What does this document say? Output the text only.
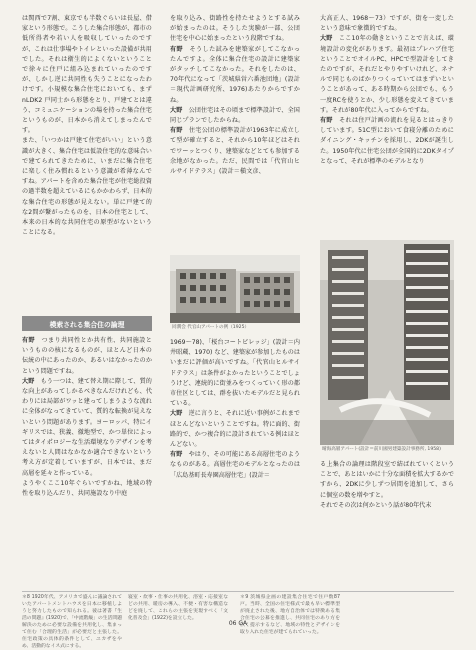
は関西で7割、東京でも半数ぐらいは長屋、借家という形態で。こうした集合形態が、都市の低所得者や若い人を吸収していったのですが、これは仕事場やトイレといった設備が共用でした。それは衛生的によくないということで徐々に住戸に組み込まれていったのですが、しかし逆に共同性も失うことになったわけです。小規模な集合住宅においても、まずnLDK2 戸同士から形態をとり、戸建てとは違う、コミュニケーションの場を持った集合住宅というものが、日本から消えてしまったんです。

また、「いつかは戸建て住宅がいい」という意識が大きく、集合住宅は仮設住宅的な意味合いで建てられてきたために、いまだに集合住宅に楽しく住み慣れるという意識が希薄なんですね。アパートを含めた集合住宅が住宅総投資の過半数を超えているにもかかわらず、日本的な集合住宅の形態が見えない。単に戸建て的な2間が繋がったものを、日本の住宅として、本来の日本的な共同住宅の原型がないということになる。

模索される集合住の論理

有野　 つまり共同性とか共有性、共同施設というものの核になるものが、ほとんど日本の伝統の中にあったのか、あるいはなかったのかという問題ですね。

大野　 もう一つは、建て替え期に際して、質的な向上があってしかるべきなんだけれども、代わりには局部がワッと建ってしまうような流れに全体がなってきていて、質的な転換が見えないという問題があります。ヨーロッパ、特にイギリスでは、狭義、徹地型で、かつ単位によってはタイポロジーな生活環境なりデザインを考えないと人間はなかなか適合できないという考え方が定着していますが、日本では、まだ高層を延々と作っている。

ようやくここ10年ぐらいですかね、地域の特性を取り込んだり、共同施設なり中庭

を取り込み、街路性を持たせようとする試みが始まったのは。そうした実験が一部、公団住宅を中心に始まったという段階ですね。

有野　 そうした試みを建築家がしてこなかったんですよ。全体に集合住宅の設計に建築家がタッチしてこなかった。それをしたのは、70年代になって「茨城県営六番池団地」(設計＝現代計画研究所、1976)あたりからですかね。

大野　 公団住宅はその頃まで標準設計で、全国同じプランでしたからね。

有野　 住宅公団の標準設計が1963年に成立して型が確立すると、それから10年ほどはそれでワーッとつくり、建築家などとても参加する余地がなかった。ただ、民間では「代官山ヒルサイドテラス」(設計＝槇文彦、

同潤会 代官山アパートの例（1925）

1969〜78)、「桜台コートビレッジ」(設計＝内井昭蔵、1970) など、建築家が参加したものはいまだに評価が高いですね。「代官山ヒルサイドテラス」は条件がよかったということでしょうけど、連続的に街並みをつくっていく形の都市住区としては、群を抜いたモデルだと見られている。

大野　 逆に言うと、それに近い事例がこれまでほとんどないということですね。特に面的、街路的で、かつ複合的に設計されている例はほとんどない。

有野　 やはり、その可能にある高層住宅のようなものがある。高層住宅のモデルとなったのは「広島基町長寿園高層住宅」(設計＝

大高正人、1968〜73）ですが、街を一変したという意味で象徴的ですね。

大野　 ここ10年の動きということで言えば、環境設計の変化があります。最初はプレハブ住宅ということでオイルPC、HPCで型設計をしてきたのですが、それだとやりやすいけれど、ネナルで同じものばかりつくっていてはまずいということがあって、ある時期から公団でも、もう一度RCを使うとか、少し形態を変えてきています。それが80年代に入ってからですね。

有野　 それは住戸計画の流れを見るとはっきりしています。51C型において食寝分離のためにダイニング・キッチンを採用し、2DKが誕生した。1950年代に住宅公団が全国的に2DKタイプとなって、それが標準のモデルとなり

晴海高層アパート(設計＝前川國男建築設計事務所, 1958)

る上集合の論理は階段室で結ばれていくということで、あとはいかに十分な面積を拡大するかですから、2DKに少しずつ居間を追加して、さらに個室の数を増やすと。

それでその次は何かという話が80年代末

＊8 1920年代、アメリカで盛んに議論されていたアパートメントハウスを日本に移植しようと努力したもので知られる。彼は著書『生活の問題』(1920)で、「中流階級」の生活問題解決のために必要な設備を共用化し、集まって住む「合理的生活」が必要だと主張した。住宅政策の具体的条件として、ユカザをやめ、活動的なイス式にする。
寝室・炊事・仕事の共用化、浴室・応接室などの共用、暖房の導入、不便・有害な構造などを廃して、これらの主張を実現すべく「文化普及会」(1922)を設立した。
＊9 茨城県企画の建設集合住宅で住戸数87戸。当時、全国の住宅様式で最も早い標準型が廃止された後、地方自治体では特徴ある集合住宅の公募を推進し、共同住宅のあり方を広く提示するなど、地域の特性とデザインを取り入れた住宅が建てられていった。
06 GA
